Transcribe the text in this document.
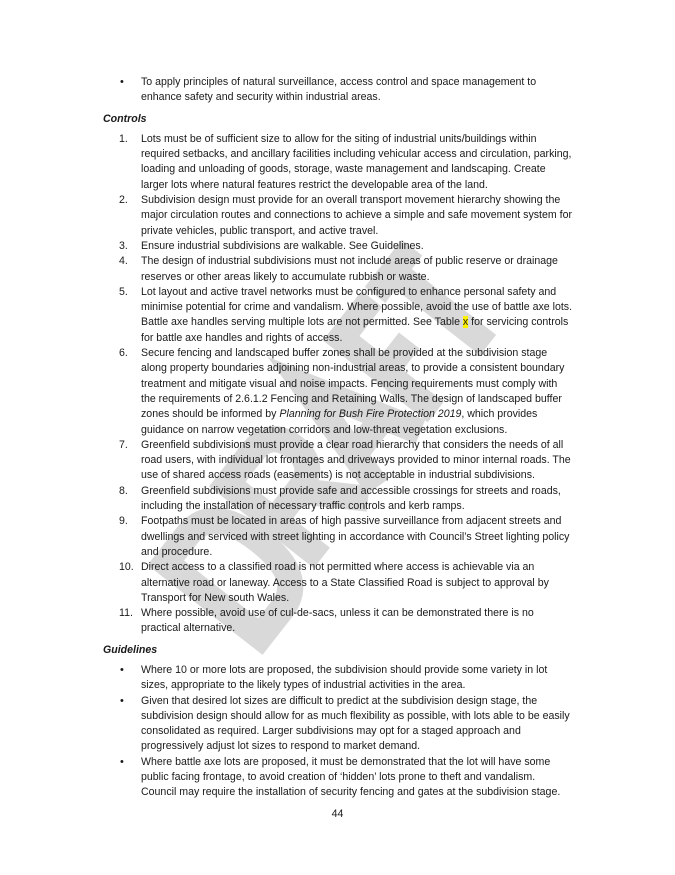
• To apply principles of natural surveillance, access control and space management to enhance safety and security within industrial areas.
Controls
1. Lots must be of sufficient size to allow for the siting of industrial units/buildings within required setbacks, and ancillary facilities including vehicular access and circulation, parking, loading and unloading of goods, storage, waste management and landscaping. Create larger lots where natural features restrict the developable area of the land.
2. Subdivision design must provide for an overall transport movement hierarchy showing the major circulation routes and connections to achieve a simple and safe movement system for private vehicles, public transport, and active travel.
3. Ensure industrial subdivisions are walkable. See Guidelines.
4. The design of industrial subdivisions must not include areas of public reserve or drainage reserves or other areas likely to accumulate rubbish or waste.
5. Lot layout and active travel networks must be configured to enhance personal safety and minimise potential for crime and vandalism. Where possible, avoid the use of battle axe lots. Battle axe handles serving multiple lots are not permitted. See Table x for servicing controls for battle axe handles and rights of access.
6. Secure fencing and landscaped buffer zones shall be provided at the subdivision stage along property boundaries adjoining non-industrial areas, to provide a consistent boundary treatment and mitigate visual and noise impacts. Fencing requirements must comply with the requirements of 2.6.1.2 Fencing and Retaining Walls. The design of landscaped buffer zones should be informed by Planning for Bush Fire Protection 2019, which provides guidance on narrow vegetation corridors and low-threat vegetation exclusions.
7. Greenfield subdivisions must provide a clear road hierarchy that considers the needs of all road users, with individual lot frontages and driveways provided to minor internal roads. The use of shared access roads (easements) is not acceptable in industrial subdivisions.
8. Greenfield subdivisions must provide safe and accessible crossings for streets and roads, including the installation of necessary traffic controls and kerb ramps.
9. Footpaths must be located in areas of high passive surveillance from adjacent streets and dwellings and serviced with street lighting in accordance with Council’s Street lighting policy and procedure.
10. Direct access to a classified road is not permitted where access is achievable via an alternative road or laneway. Access to a State Classified Road is subject to approval by Transport for New south Wales.
11. Where possible, avoid use of cul-de-sacs, unless it can be demonstrated there is no practical alternative.
Guidelines
• Where 10 or more lots are proposed, the subdivision should provide some variety in lot sizes, appropriate to the likely types of industrial activities in the area.
• Given that desired lot sizes are difficult to predict at the subdivision design stage, the subdivision design should allow for as much flexibility as possible, with lots able to be easily consolidated as required. Larger subdivisions may opt for a staged approach and progressively adjust lot sizes to respond to market demand.
• Where battle axe lots are proposed, it must be demonstrated that the lot will have some public facing frontage, to avoid creation of ‘hidden’ lots prone to theft and vandalism. Council may require the installation of security fencing and gates at the subdivision stage.
44
